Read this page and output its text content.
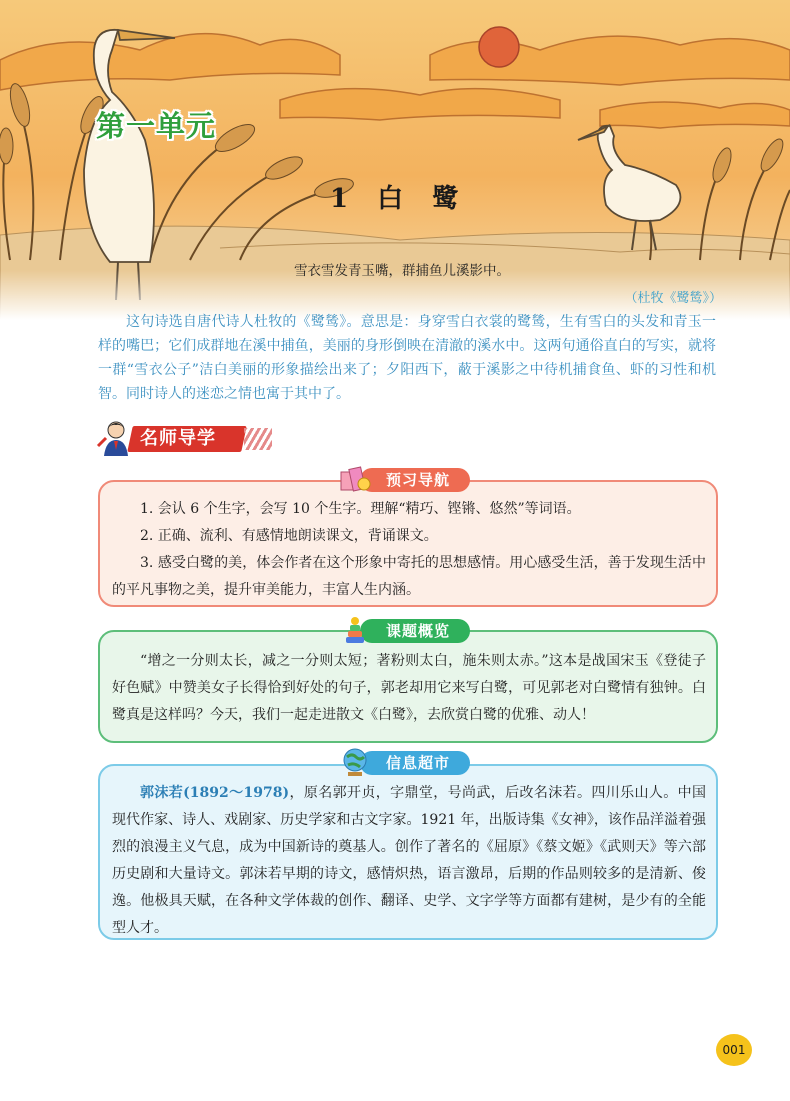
第一单元
1 白 鹭
雪衣雪发青玉嘴，群捕鱼儿溪影中。
（杜牧《鹭鸶》）

这句诗选自唐代诗人杜牧的《鹭鸶》。意思是：身穿雪白衣裳的鹭鸶，生有雪白的头发和青玉一样的嘴巴；它们成群地在溪中捕鱼，美丽的身形倒映在清澈的溪水中。这两句通俗直白的写实，就将一群“雪衣公子”洁白美丽的形象描绘出来了；夕阳西下，蔽于溪影之中待机捕食鱼、虾的习性和机智。同时诗人的迷恋之情也寓于其中了。

名师导学

1. 会认 6 个生字，会写 10 个生字。理解“精巧、铿锵、悠然”等词语。

2. 正确、流利、有感情地朗读课文，背诵课文。

3. 感受白鹭的美，体会作者在这个形象中寄托的思想感情。用心感受生活，善于发现生活中的平凡事物之美，提升审美能力，丰富人生内涵。

预习导航

“增之一分则太长，减之一分则太短；著粉则太白，施朱则太赤。”这本是战国宋玉《登徒子好色赋》中赞美女子长得恰到好处的句子，郭老却用它来写白鹭，可见郭老对白鹭情有独钟。白鹭真是这样吗？今天，我们一起走进散文《白鹭》，去欣赏白鹭的优雅、动人！

课题概览

郭沫若(1892～1978)，原名郭开贞，字鼎堂，号尚武，后改名沫若。四川乐山人。中国现代作家、诗人、戏剧家、历史学家和古文字家。1921 年，出版诗集《女神》，该作品洋溢着强烈的浪漫主义气息，成为中国新诗的奠基人。创作了著名的《屈原》《蔡文姬》《武则天》等六部历史剧和大量诗文。郭沫若早期的诗文，感情炽热，语言激昂，后期的作品则较多的是清新、俊逸。他极具天赋，在各种文学体裁的创作、翻译、史学、文字学等方面都有建树，是少有的全能型人才。

信息超市
001
